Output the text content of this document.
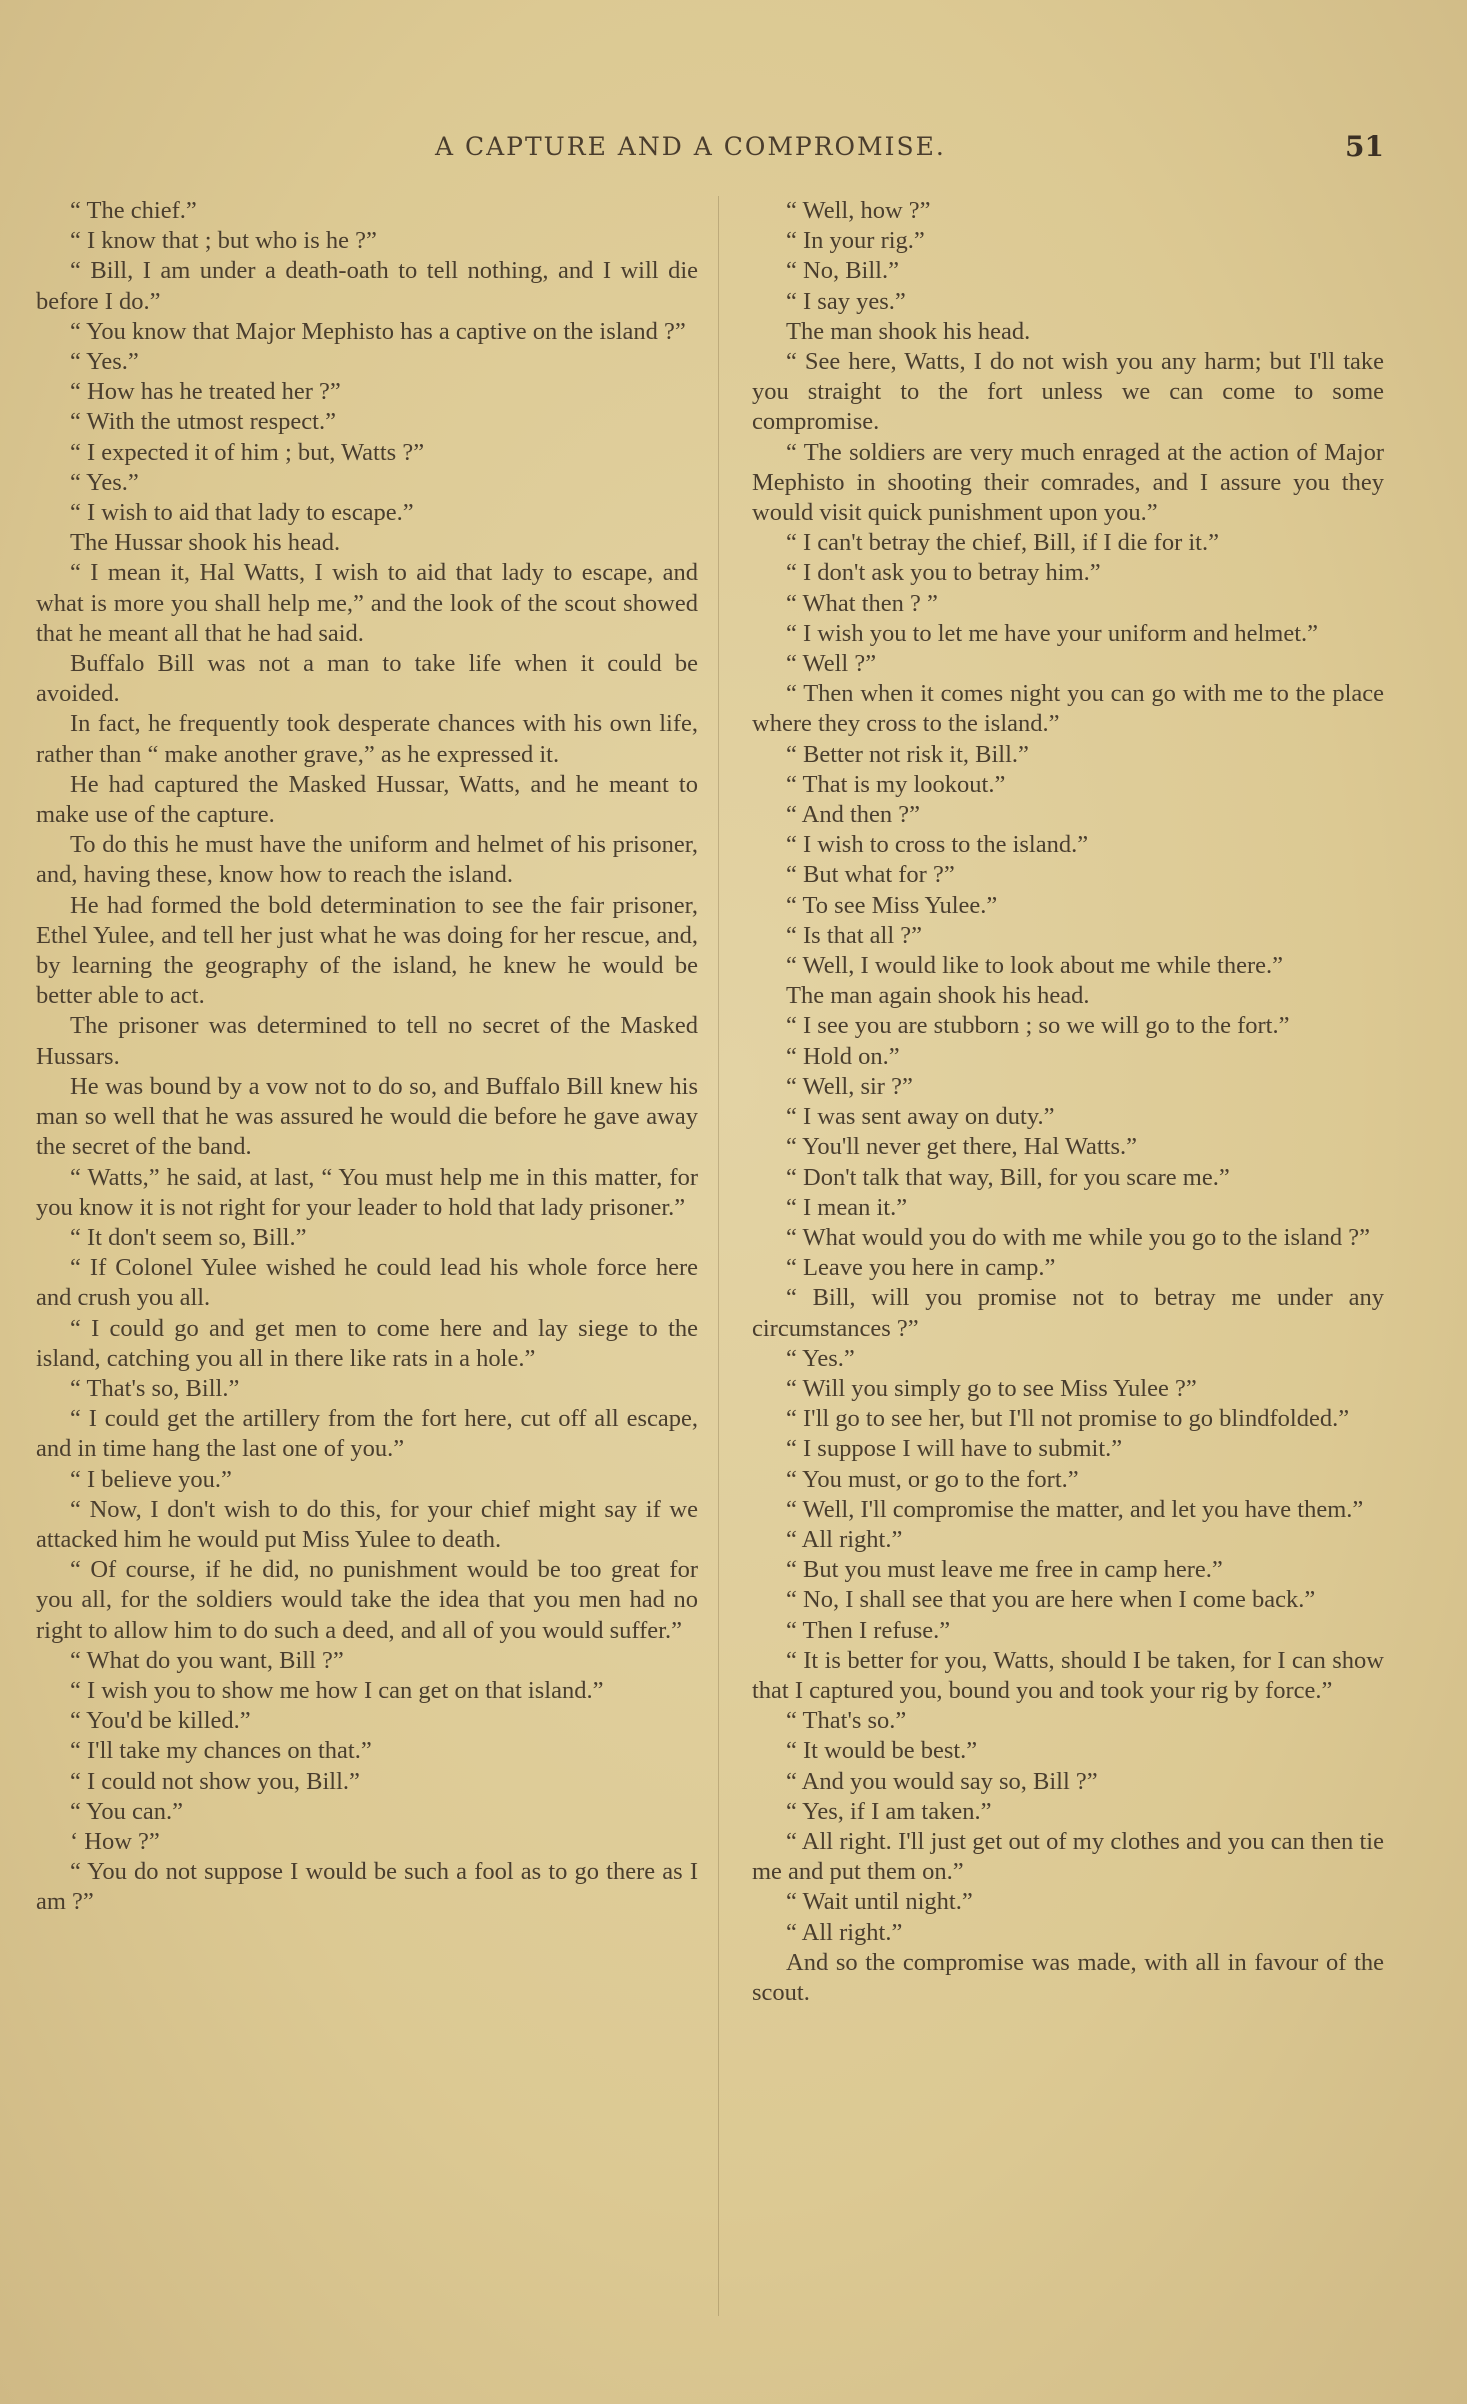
A CAPTURE AND A COMPROMISE.	51

“ The chief.”

“ I know that ; but who is he ?”

“ Bill, I am under a death-oath to tell nothing, and I will die before I do.”

“ You know that Major Mephisto has a captive on the island ?”

“ Yes.”

“ How has he treated her ?”

“ With the utmost respect.”

“ I expected it of him ; but, Watts ?”

“ Yes.”

“ I wish to aid that lady to escape.”

The Hussar shook his head.

“ I mean it, Hal Watts, I wish to aid that lady to escape, and what is more you shall help me,” and the look of the scout showed that he meant all that he had said.

Buffalo Bill was not a man to take life when it could be avoided.

In fact, he frequently took desperate chances with his own life, rather than “ make another grave,” as he expressed it.

He had captured the Masked Hussar, Watts, and he meant to make use of the capture.

To do this he must have the uniform and helmet of his prisoner, and, having these, know how to reach the island.

He had formed the bold determination to see the fair prisoner, Ethel Yulee, and tell her just what he was doing for her rescue, and, by learning the geography of the island, he knew he would be better able to act.

The prisoner was determined to tell no secret of the Masked Hussars.

He was bound by a vow not to do so, and Buffalo Bill knew his man so well that he was assured he would die before he gave away the secret of the band.

“ Watts,” he said, at last, “ You must help me in this matter, for you know it is not right for your leader to hold that lady prisoner.”

“ It don't seem so, Bill.”

“ If Colonel Yulee wished he could lead his whole force here and crush you all.

“ I could go and get men to come here and lay siege to the island, catching you all in there like rats in a hole.”

“ That's so, Bill.”

“ I could get the artillery from the fort here, cut off all escape, and in time hang the last one of you.”

“ I believe you.”

“ Now, I don't wish to do this, for your chief might say if we attacked him he would put Miss Yulee to death.

“ Of course, if he did, no punishment would be too great for you all, for the soldiers would take the idea that you men had no right to allow him to do such a deed, and all of you would suffer.”

“ What do you want, Bill ?”

“ I wish you to show me how I can get on that island.”

“ You'd be killed.”

“ I'll take my chances on that.”

“ I could not show you, Bill.”

“ You can.”

‘ How ?”

“ You do not suppose I would be such a fool as to go there as I am ?”

“ Well, how ?”

“ In your rig.”

“ No, Bill.”

“ I say yes.”

The man shook his head.

“ See here, Watts, I do not wish you any harm; but I'll take you straight to the fort unless we can come to some compromise.

“ The soldiers are very much enraged at the action of Major Mephisto in shooting their comrades, and I assure you they would visit quick punishment upon you.”

“ I can't betray the chief, Bill, if I die for it.”

“ I don't ask you to betray him.”

“ What then ? ”

“ I wish you to let me have your uniform and helmet.”

“ Well ?”

“ Then when it comes night you can go with me to the place where they cross to the island.”

“ Better not risk it, Bill.”

“ That is my lookout.”

“ And then ?”

“ I wish to cross to the island.”

“ But what for ?”

“ To see Miss Yulee.”

“ Is that all ?”

“ Well, I would like to look about me while there.”

The man again shook his head.

“ I see you are stubborn ; so we will go to the fort.”

“ Hold on.”

“ Well, sir ?”

“ I was sent away on duty.”

“ You'll never get there, Hal Watts.”

“ Don't talk that way, Bill, for you scare me.”

“ I mean it.”

“ What would you do with me while you go to the island ?”

“ Leave you here in camp.”

“ Bill, will you promise not to betray me under any circumstances ?”

“ Yes.”

“ Will you simply go to see Miss Yulee ?”

“ I'll go to see her, but I'll not promise to go blindfolded.”

“ I suppose I will have to submit.”

“ You must, or go to the fort.”

“ Well, I'll compromise the matter, and let you have them.”

“ All right.”

“ But you must leave me free in camp here.”

“ No, I shall see that you are here when I come back.”

“ Then I refuse.”

“ It is better for you, Watts, should I be taken, for I can show that I captured you, bound you and took your rig by force.”

“ That's so.”

“ It would be best.”

“ And you would say so, Bill ?”

“ Yes, if I am taken.”

“ All right. I'll just get out of my clothes and you can then tie me and put them on.”

“ Wait until night.”

“ All right.”

And so the compromise was made, with all in favour of the scout.
